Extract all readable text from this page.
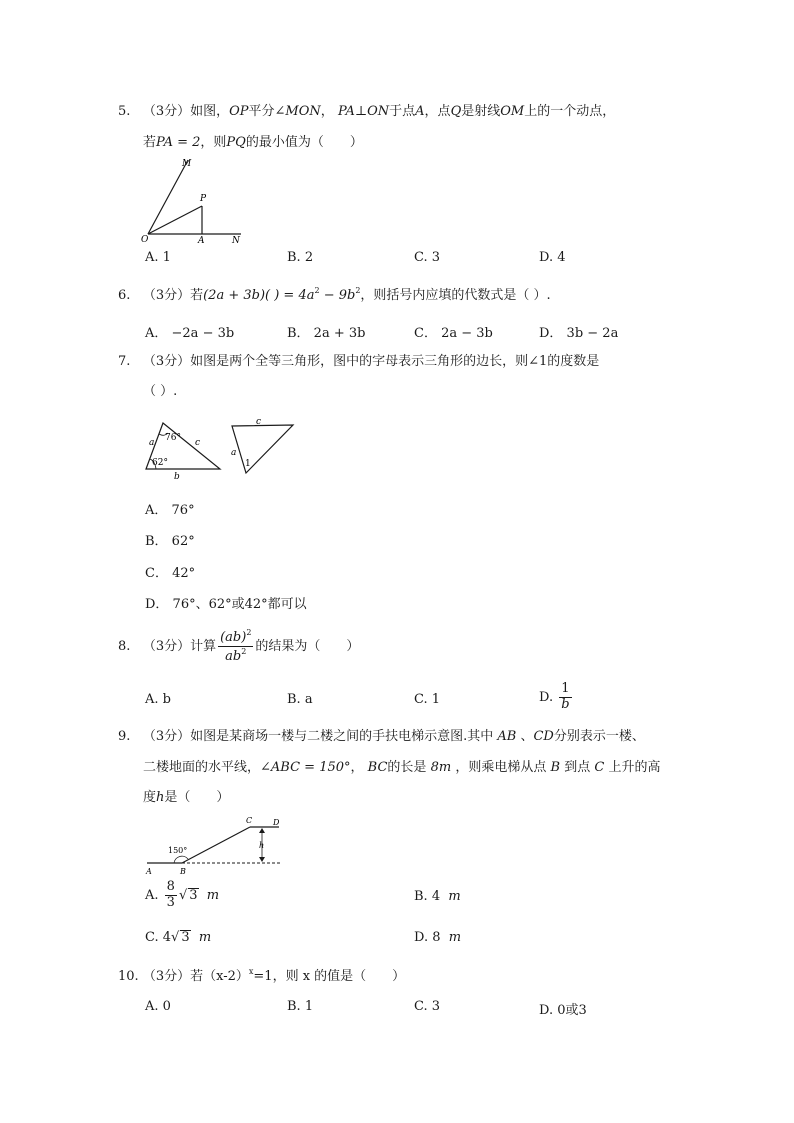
5. （3分）如图，OP平分∠MON， PA⊥ON于点A，点Q是射线OM上的一个动点，
若PA = 2，则PQ的最小值为（　　）
M
P
O	A	N
A. 1	B. 2	C. 3	D. 4
6. （3分）若(2a + 3b)( ) = $4a^2 - 9b^2$，则括号内应填的代数式是（ ）.
A． −2a − 3b	B． 2a + 3b	C． 2a − 3b	D． 3b − 2a
7. （3分）如图是两个全等三角形，图中的字母表示三角形的边长，则∠1的度数是
（ ）.
a 76° c
62°
b
c
a
1
A． 76°
B． 62°
C． 42°
D． 76°、62°或42°都可以
8. （3分）计算 $\frac{(ab)^2}{ab^2}$ 的结果为（　　）
A. b	B. a	C. 1	D. $\frac{1}{b}$
9. （3分）如图是某商场一楼与二楼之间的手扶电梯示意图.其中 AB 、CD分别表示一楼、
二楼地面的水平线，∠ABC = 150°， BC的长是 8m ，则乘电梯从点 B 到点 C 上升的高
度h是（　　）
C	D
h
150°
A	B
A. $\frac{8}{3}$ √ 3 m	B. 4 m
C. 4√ 3 m	D. 8 m
10. （3分）若$(x-2)^x=1$，则 x 的值是（　　）
A. 0	B. 1	C. 3	D. 0或3
